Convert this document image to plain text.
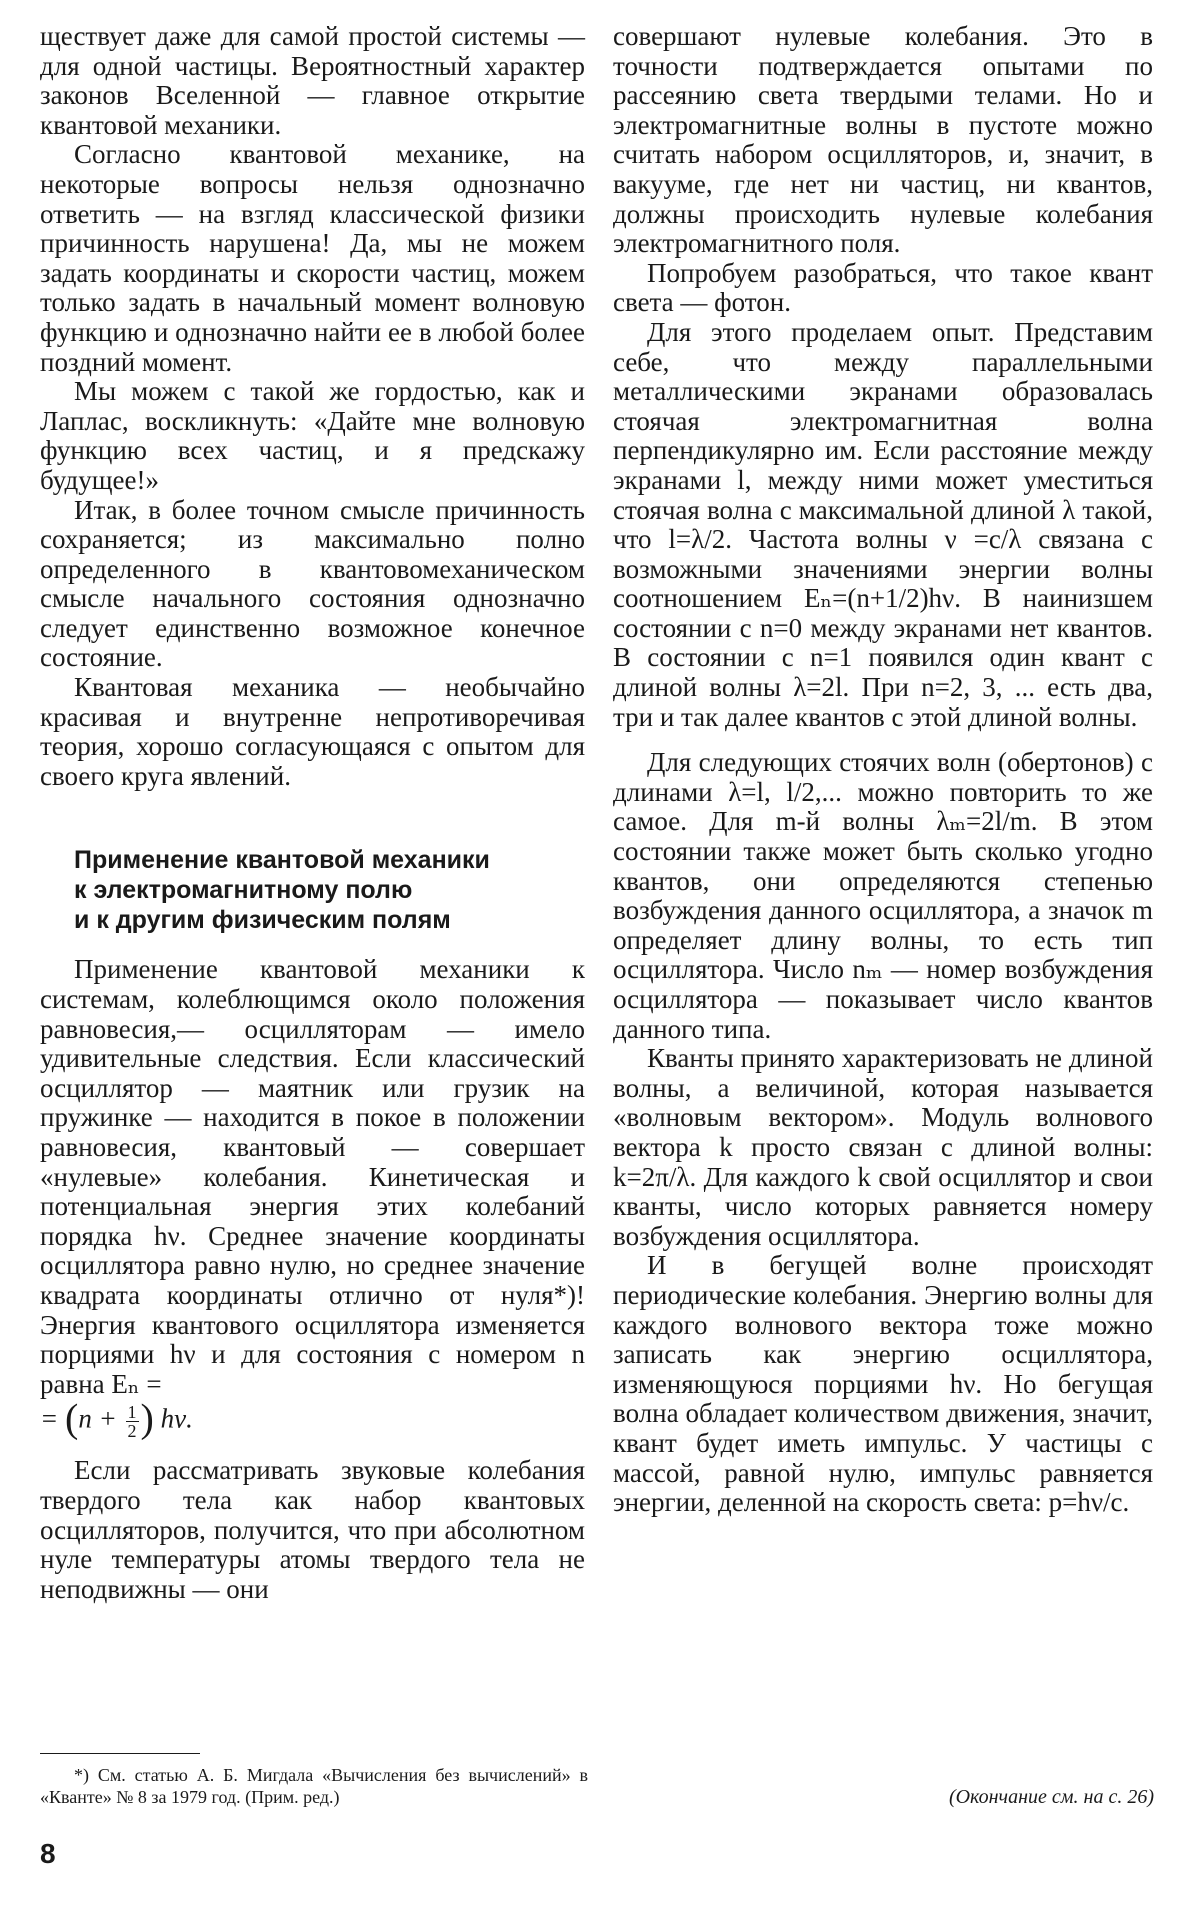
ществует даже для самой простой системы — для одной частицы. Вероятностный характер законов Вселенной — главное открытие квантовой механики.

Согласно квантовой механике, на некоторые вопросы нельзя однозначно ответить — на взгляд классической физики причинность нарушена! Да, мы не можем задать координаты и скорости частиц, можем только задать в начальный момент волновую функцию и однозначно найти ее в любой более поздний момент.

Мы можем с такой же гордостью, как и Лаплас, воскликнуть: «Дайте мне волновую функцию всех частиц, и я предскажу будущее!»

Итак, в более точном смысле причинность сохраняется; из максимально полно определенного в квантовомеханическом смысле начального состояния однозначно следует единственно возможное конечное состояние.

Квантовая механика — необычайно красивая и внутренне непротиворечивая теория, хорошо согласующаяся с опытом для своего круга явлений.

Применение квантовой механики
к электромагнитному полю
и к другим физическим полям

Применение квантовой механики к системам, колеблющимся около положения равновесия,— осцилляторам — имело удивительные следствия. Если классический осциллятор — маятник или грузик на пружинке — находится в покое в положении равновесия, квантовый — совершает «нулевые» колебания. Кинетическая и потенциальная энергия этих колебаний порядка hν. Среднее значение координаты осциллятора равно нулю, но среднее значение квадрата координаты отлично от нуля*)! Энергия квантового осциллятора изменяется порциями hν и для состояния с номером n равна Eₙ =

= ($n + \frac{1}{2}$ ) hν.

Если рассматривать звуковые колебания твердого тела как набор квантовых осцилляторов, получится, что при абсолютном нуле температуры атомы твердого тела не неподвижны — они

совершают нулевые колебания. Это в точности подтверждается опытами по рассеянию света твердыми телами. Но и электромагнитные волны в пустоте можно считать набором осцилляторов, и, значит, в вакууме, где нет ни частиц, ни квантов, должны происходить нулевые колебания электромагнитного поля.

Попробуем разобраться, что такое квант света — фотон.

Для этого проделаем опыт. Представим себе, что между параллельными металлическими экранами образовалась стоячая электромагнитная волна перпендикулярно им. Если расстояние между экранами l, между ними может уместиться стоячая волна с максимальной длиной λ такой, что l=λ/2. Частота волны ν =c/λ связана с возможными значениями энергии волны соотношением Eₙ=(n+1/2)hν. В наинизшем состоянии с n=0 между экранами нет квантов. В состоянии с n=1 появился один квант с длиной волны λ=2l. При n=2, 3, ... есть два, три и так далее квантов с этой длиной волны.

Для следующих стоячих волн (обертонов) с длинами λ=l, l/2,... можно повторить то же самое. Для m-й волны λₘ=2l/m. В этом состоянии также может быть сколько угодно квантов, они определяются степенью возбуждения данного осциллятора, а значок m определяет длину волны, то есть тип осциллятора. Число nₘ — номер возбуждения осциллятора — показывает число квантов данного типа.

Кванты принято характеризовать не длиной волны, а величиной, которая называется «волновым вектором». Модуль волнового вектора k просто связан с длиной волны: k=2π/λ. Для каждого k свой осциллятор и свои кванты, число которых равняется номеру возбуждения осциллятора.

И в бегущей волне происходят периодические колебания. Энергию волны для каждого волнового вектора тоже можно записать как энергию осциллятора, изменяющуюся порциями hν. Но бегущая волна обладает количеством движения, значит, квант будет иметь импульс. У частицы с массой, равной нулю, импульс равняется энергии, деленной на скорость света: p=hν/c.

*) См. статью А. Б. Мигдала «Вычисления без вычислений» в «Кванте» № 8 за 1979 год. (Прим. ред.)	(Окончание см. на с. 26)
8
